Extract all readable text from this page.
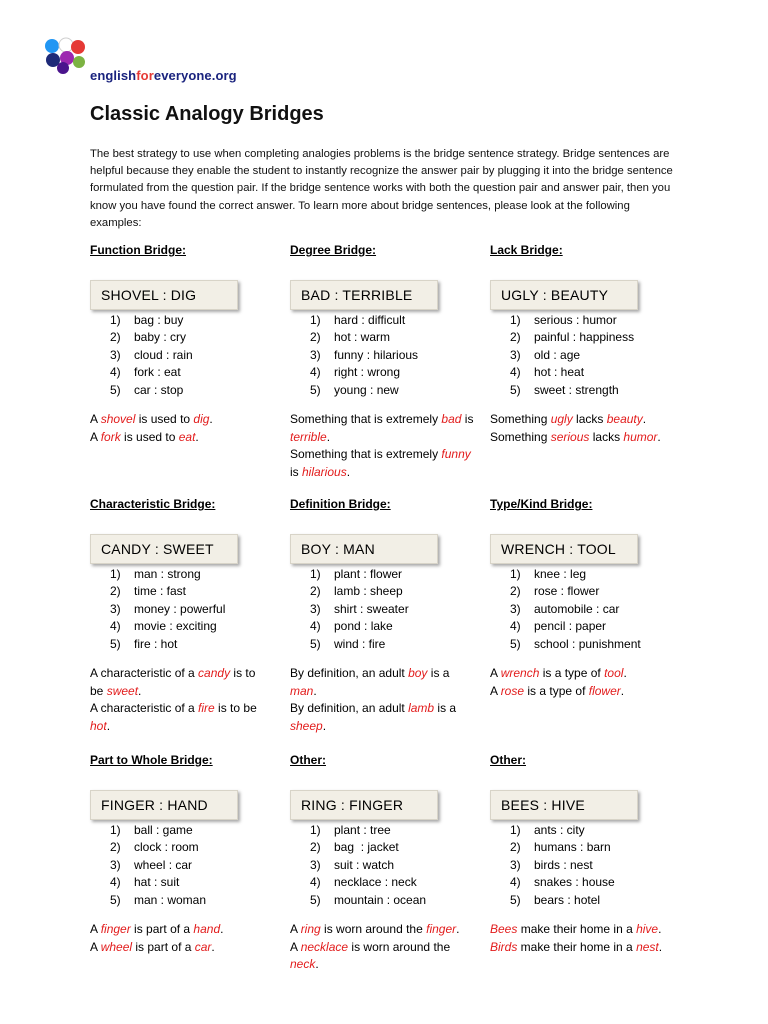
englishforeveryone.org
Classic Analogy Bridges

The best strategy to use when completing analogies problems is the bridge sentence strategy. Bridge sentences are helpful because they enable the student to instantly recognize the answer pair by plugging it into the bridge sentence formulated from the question pair. If the bridge sentence works with both the question pair and answer pair, then you know you have found the correct answer. To learn more about bridge sentences, please look at the following examples:

Function Bridge:
SHOVEL : DIG
1) bag : buy
2) baby : cry
3) cloud : rain
4) fork : eat
5) car : stop

A shovel is used to dig.

A fork is used to eat.

Degree Bridge:
BAD : TERRIBLE
1) hard : difficult
2) hot : warm
3) funny : hilarious
4) right : wrong
5) young : new

Something that is extremely bad is terrible.

Something that is extremely funny is hilarious.

Lack Bridge:
UGLY : BEAUTY
1) serious : humor
2) painful : happiness
3) old : age
4) hot : heat
5) sweet : strength

Something ugly lacks beauty.

Something serious lacks humor.

Characteristic Bridge:
CANDY : SWEET
1) man : strong
2) time : fast
3) money : powerful
4) movie : exciting
5) fire : hot

A characteristic of a candy is to be sweet.

A characteristic of a fire is to be hot.

Definition Bridge:
BOY : MAN
1) plant : flower
2) lamb : sheep
3) shirt : sweater
4) pond : lake
5) wind : fire

By definition, an adult boy is a man.

By definition, an adult lamb is a sheep.

Type/Kind Bridge:
WRENCH : TOOL
1) knee : leg
2) rose : flower
3) automobile : car
4) pencil : paper
5) school : punishment

A wrench is a type of tool.

A rose is a type of flower.

Part to Whole Bridge:
FINGER : HAND
1) ball : game
2) clock : room
3) wheel : car
4) hat : suit
5) man : woman

A finger is part of a hand.

A wheel is part of a car.

Other:
RING : FINGER
1) plant : tree
2) bag  : jacket
3) suit : watch
4) necklace : neck
5) mountain : ocean

A ring is worn around the finger.

A necklace is worn around the neck.

Other:
BEES : HIVE
1) ants : city
2) humans : barn
3) birds : nest
4) snakes : house
5) bears : hotel

Bees make their home in a hive.

Birds make their home in a nest.
